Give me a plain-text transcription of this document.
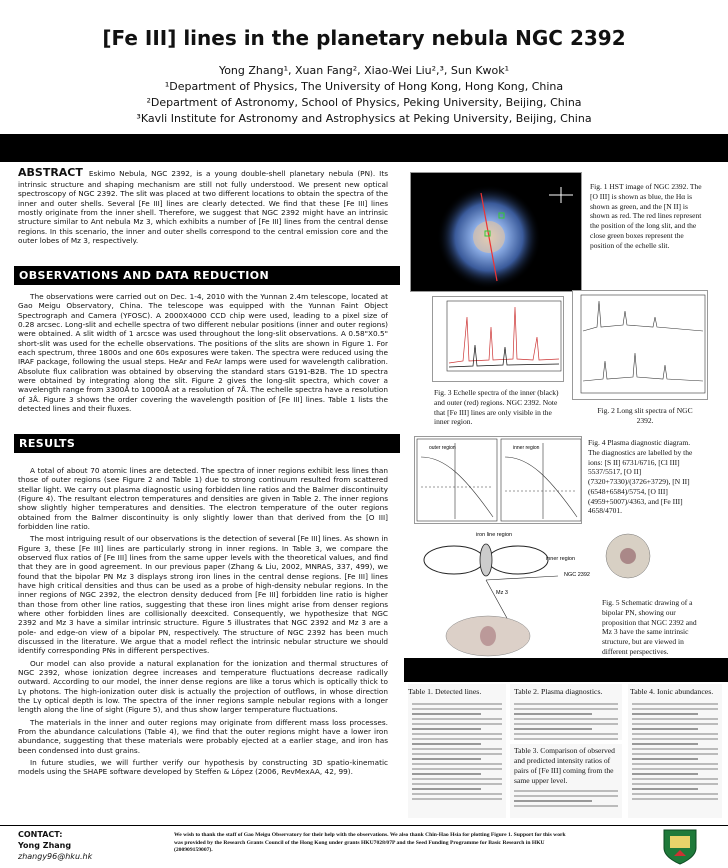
[Fe III] lines in the planetary nebula NGC 2392
Yong Zhang¹, Xuan Fang², Xiao-Wei Liu²,³, Sun Kwok¹
¹Department of Physics, The University of Hong Kong, Hong Kong, China
²Department of Astronomy, School of Physics, Peking University, Beijing, China
³Kavli Institute for Astronomy and Astrophysics at Peking University, Beijing, China
ABSTRACT Eskimo Nebula, NGC 2392, is a young double-shell planetary nebula (PN). Its intrinsic structure and shaping mechanism are still not fully understood. We present new optical spectroscopy of NGC 2392. The slit was placed at two different locations to obtain the spectra of the inner and outer shells. Several [Fe III] lines are clearly detected. We find that these [Fe III] lines mostly originate from the inner shell. Therefore, we suggest that NGC 2392 might have an intrinsic structure similar to Ant nebula Mz 3, which exhibits a number of [Fe III] lines from the central dense regions. In this scenario, the inner and outer shells correspond to the central emission core and the outer lobes of Mz 3, respectively.
OBSERVATIONS AND DATA REDUCTION

The observations were carried out on Dec. 1-4, 2010 with the Yunnan 2.4m telescope, located at Gao Meigu Observatory, China. The telescope was equipped with the Yunnan Faint Object Spectrograph and Camera (YFOSC). A 2000X4000 CCD chip were used, leading to a pixel size of 0.28 arcsec. Long-slit and echelle spectra of two different nebular positions (inner and outer regions) were obtained. A slit width of 1 arcsce was used throughout the long-slit observations. A 0.58"X0.5" short-slit was used for the echelle observations. The positions of the slits are shown in Figure 1. For each spectrum, three 1800s and one 60s exposures were taken. The spectra were reduced using the IRAF package, following the usual steps. HeAr and FeAr lamps were used for wavelength calibration. Absolute flux calibration was obtained by observing the standard stars G191-B2B. The 1D spectra were obtained by integrating along the slit. Figure 2 gives the long-slit spectra, which cover a wavelength range from 3300Å to 10000Å at a resolution of 7Å. The echelle spectra have a resolution of 3Å. Figure 3 shows the order covering the wavelength position of [Fe III] lines. Table 1 lists the detected lines and their fluxes.

RESULTS

A total of about 70 atomic lines are detected. The spectra of inner regions exhibit less lines than those of outer regions (see Figure 2 and Table 1) due to strong continuum resulted from scattered stellar light. We carry out plasma diagnostic using forbidden line ratios and the Balmer discontinuity (Figure 4). The resultant electron temperatures and densities are given in Table 2. The inner regions show slightly higher temperatures and densities. The electron temperature of the outer regions obtained from the Balmer discontinuity is only slightly lower than that derived from the [O III] forbidden line ratio.

The most intriguing result of our observations is the detection of several [Fe III] lines. As shown in Figure 3, these [Fe III] lines are particularly strong in inner regions. In Table 3, we compare the observed flux ratios of [Fe III] lines from the same upper levels with the theoretical values, and find that they are in good agreement. In our previous paper (Zhang & Liu, 2002, MNRAS, 337, 499), we found that the bipolar PN Mz 3 displays strong iron lines in the central dense regions. [Fe III] lines have high critical densities and thus can be used as a probe of high-density nebular regions. In the inner regions of NGC 2392, the electron density deduced from [Fe III] forbidden line ratio is higher than those from other line ratios, suggesting that these iron lines might arise from denser regions where other forbidden lines are collisionally deexcited. Consequently, we hypothesize that NGC 2392 and Mz 3 have a similar intrinsic structure. Figure 5 illustrates that NGC 2392 and Mz 3 are a pole- and edge-on view of a bipolar PN, respectively. The structure of NGC 2392 has been much discussed in the literature. We argue that a model reflect the intrinsic nebular structure we should identify corresponding PNs in different perspectives.

Our model can also provide a natural explanation for the ionization and thermal structures of NGC 2392, whose ionization degree increases and temperature fluctuations decrease radically outward. According to our model, the inner dense regions are like a torus which is optically thick to Lγ photons. The high-ionization outer disk is actually the projection of outflows, in whose direction the Lγ optical depth is low. The spectra of the inner regions sample nebular regions with a longer length along the line of sight (Figure 5), and thus show larger temperature fluctuations.

The materials in the inner and outer regions may originate from different mass loss processes. From the abundance calculations (Table 4), we find that the outer regions might have a lower iron abundance, suggesting that these materials were probably ejected at a earlier stage, and iron has been condensed into dust grains.

In future studies, we will further verify our hypothesis by constructing 3D spatio-kinematic models using the SHAPE software developed by Steffen & López (2006, RevMexAA, 42, 99).

Fig. 1 HST image of NGC 2392. The [O III] is shown as blue, the Hα is shown as green, and the [N II] is shown as red. The red lines represent the position of the long slit, and the close green boxes represent the position of the echelle slit.
Fig. 3 Echelle spectra of the inner (black) and outer (red) regions. NGC 2392. Note that [Fe III] lines are only visible in the inner region.
Fig. 2 Long slit spectra of NGC 2392.
outer region	inner region
Fig. 4 Plasma diagnostic diagram. The diagnostics are labelled by the ions: [S II] 6731/6716, [Cl III] 5537/5517, [O II] (7320+7330)/(3726+3729), [N II] (6548+6584)/5754, [O III] (4959+5007)/4363, and [Fe III] 4658/4701.
iron line region
inner region
NGC 2392
Mz 3
Fig. 5 Schematic drawing of a bipolar PN, showing our proposition that NGC 2392 and Mz 3 have the same intrinsic structure, but are viewed in different perspectives.
Table 1. Detected lines.	Table 2. Plasma diagnostics.
Table 3. Comparison of observed and predicted intensity ratios of pairs of [Fe III] coming from the same upper level.
Table 4. Ionic abundances.
CONTACT:
Yong Zhang
zhangy96@hku.hk
We wish to thank the staff of Gao Meigu Observatory for their help with the observations. We also thank Chin-Hao Hsia for plotting Figure 1. Support for this work was provided by the Research Grants Council of the Hong Kong under grants HKU7028/07P and the Seed Funding Programme for Basic Research in HKU (200909159007).
